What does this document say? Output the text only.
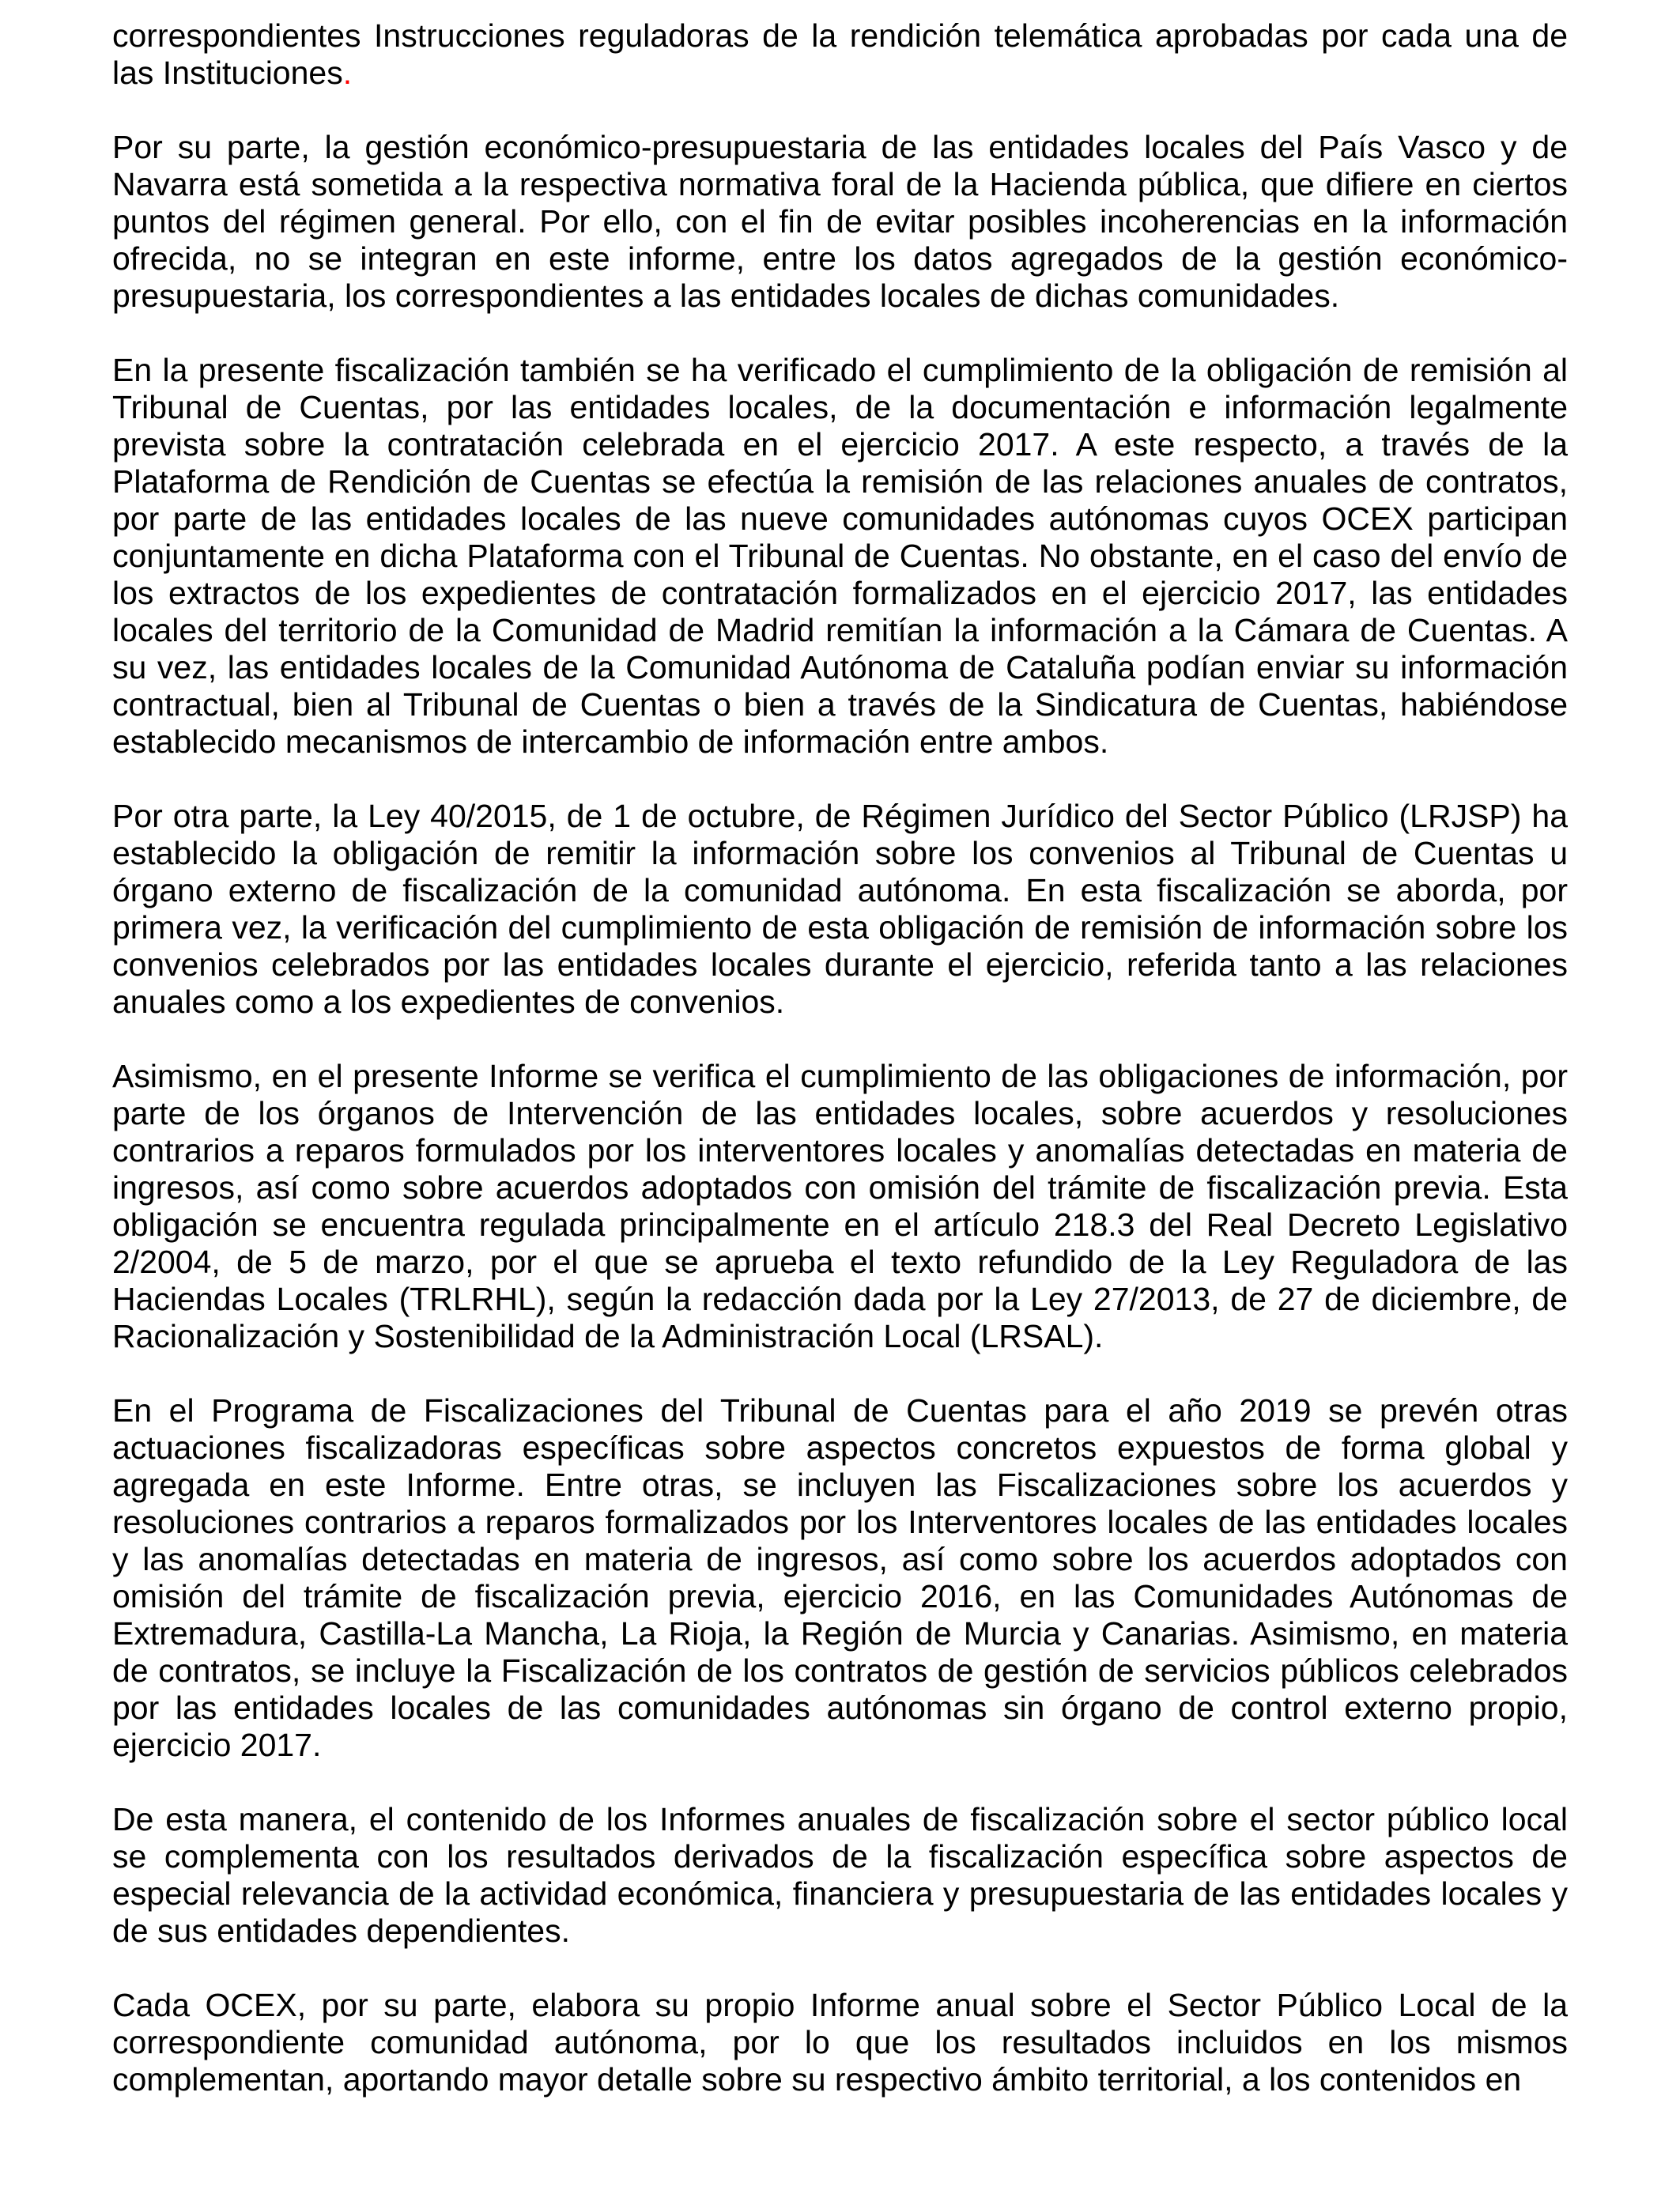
correspondientes Instrucciones reguladoras de la rendición telemática aprobadas por cada una de las Instituciones.

Por su parte, la gestión económico-presupuestaria de las entidades locales del País Vasco y de Navarra está sometida a la respectiva normativa foral de la Hacienda pública, que difiere en ciertos puntos del régimen general. Por ello, con el fin de evitar posibles incoherencias en la información ofrecida, no se integran en este informe, entre los datos agregados de la gestión económico-presupuestaria, los correspondientes a las entidades locales de dichas comunidades.

En la presente fiscalización también se ha verificado el cumplimiento de la obligación de remisión al Tribunal de Cuentas, por las entidades locales, de la documentación e información legalmente prevista sobre la contratación celebrada en el ejercicio 2017. A este respecto, a través de la Plataforma de Rendición de Cuentas se efectúa la remisión de las relaciones anuales de contratos, por parte de las entidades locales de las nueve comunidades autónomas cuyos OCEX participan conjuntamente en dicha Plataforma con el Tribunal de Cuentas. No obstante, en el caso del envío de los extractos de los expedientes de contratación formalizados en el ejercicio 2017, las entidades locales del territorio de la Comunidad de Madrid remitían la información a la Cámara de Cuentas. A su vez, las entidades locales de la Comunidad Autónoma de Cataluña podían enviar su información contractual, bien al Tribunal de Cuentas o bien a través de la Sindicatura de Cuentas, habiéndose establecido mecanismos de intercambio de información entre ambos.

Por otra parte, la Ley 40/2015, de 1 de octubre, de Régimen Jurídico del Sector Público (LRJSP) ha establecido la obligación de remitir la información sobre los convenios al Tribunal de Cuentas u órgano externo de fiscalización de la comunidad autónoma. En esta fiscalización se aborda, por primera vez, la verificación del cumplimiento de esta obligación de remisión de información sobre los convenios celebrados por las entidades locales durante el ejercicio, referida tanto a las relaciones anuales como a los expedientes de convenios.

Asimismo, en el presente Informe se verifica el cumplimiento de las obligaciones de información, por parte de los órganos de Intervención de las entidades locales, sobre acuerdos y resoluciones contrarios a reparos formulados por los interventores locales y anomalías detectadas en materia de ingresos, así como sobre acuerdos adoptados con omisión del trámite de fiscalización previa. Esta obligación se encuentra regulada principalmente en el artículo 218.3 del Real Decreto Legislativo 2/2004, de 5 de marzo, por el que se aprueba el texto refundido de la Ley Reguladora de las Haciendas Locales (TRLRHL), según la redacción dada por la Ley 27/2013, de 27 de diciembre, de Racionalización y Sostenibilidad de la Administración Local (LRSAL).

En el Programa de Fiscalizaciones del Tribunal de Cuentas para el año 2019 se prevén otras actuaciones fiscalizadoras específicas sobre aspectos concretos expuestos de forma global y agregada en este Informe. Entre otras, se incluyen las Fiscalizaciones sobre los acuerdos y resoluciones contrarios a reparos formalizados por los Interventores locales de las entidades locales y las anomalías detectadas en materia de ingresos, así como sobre los acuerdos adoptados con omisión del trámite de fiscalización previa, ejercicio 2016, en las Comunidades Autónomas de Extremadura, Castilla-La Mancha, La Rioja, la Región de Murcia y Canarias. Asimismo, en materia de contratos, se incluye la Fiscalización de los contratos de gestión de servicios públicos celebrados por las entidades locales de las comunidades autónomas sin órgano de control externo propio, ejercicio 2017.

De esta manera, el contenido de los Informes anuales de fiscalización sobre el sector público local se complementa con los resultados derivados de la fiscalización específica sobre aspectos de especial relevancia de la actividad económica, financiera y presupuestaria de las entidades locales y de sus entidades dependientes.

Cada OCEX, por su parte, elabora su propio Informe anual sobre el Sector Público Local de la correspondiente comunidad autónoma, por lo que los resultados incluidos en los mismos complementan, aportando mayor detalle sobre su respectivo ámbito territorial, a los contenidos en
